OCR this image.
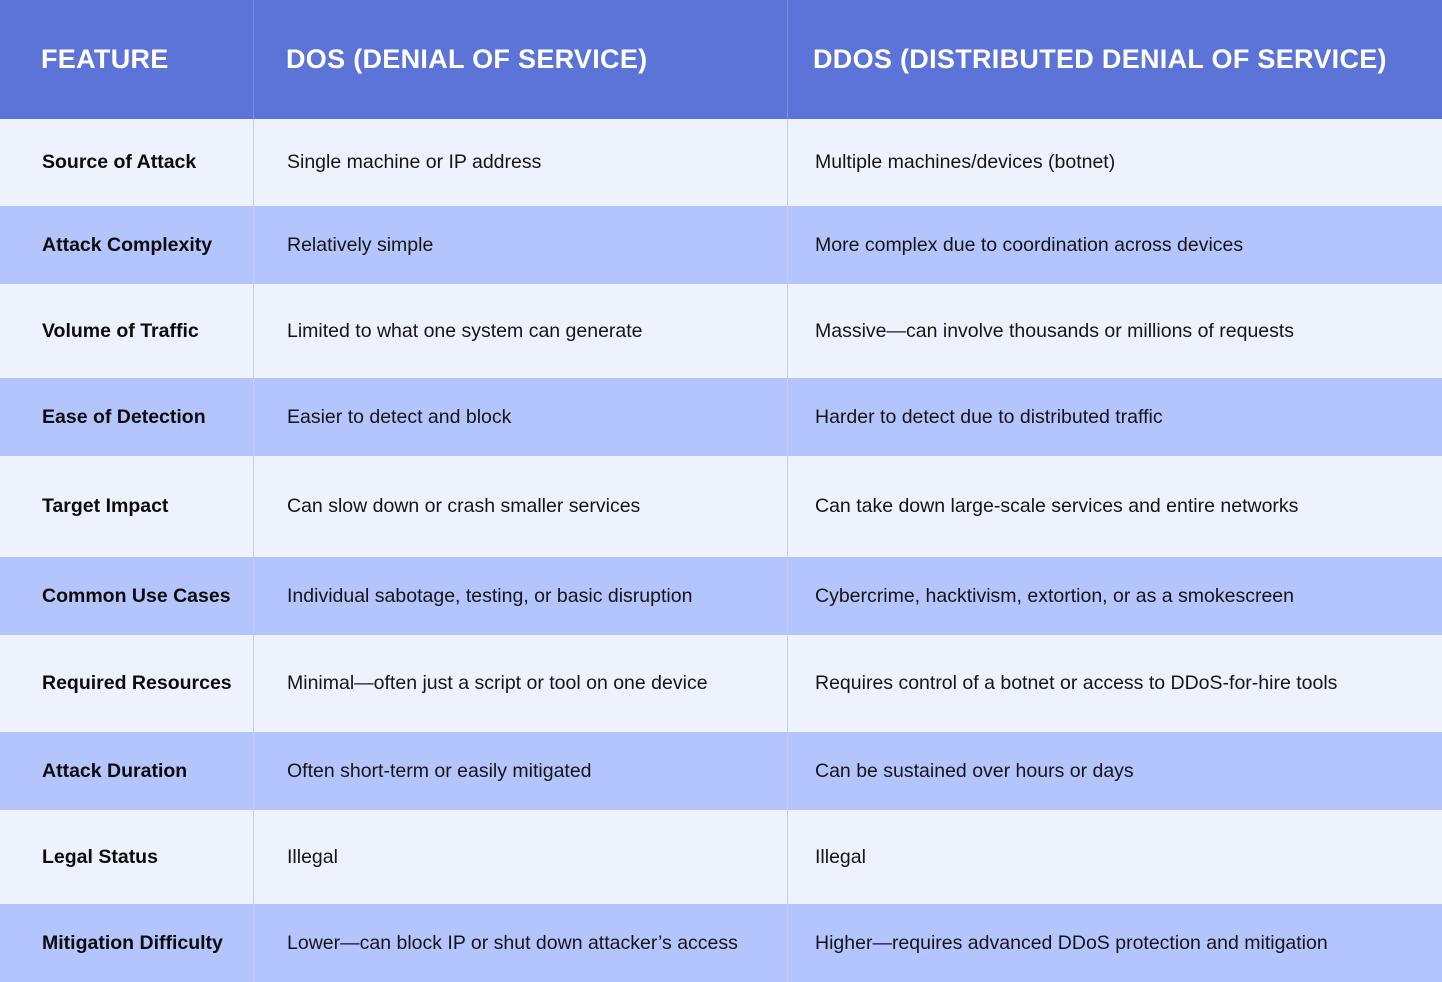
FEATURE	DOS (DENIAL OF SERVICE)	DDOS (DISTRIBUTED DENIAL OF SERVICE)
Source of Attack	Single machine or IP address	Multiple machines/devices (botnet)
Attack Complexity	Relatively simple	More complex due to coordination across devices
Volume of Traffic	Limited to what one system can generate	Massive—can involve thousands or millions of requests
Ease of Detection	Easier to detect and block	Harder to detect due to distributed traffic
Target Impact	Can slow down or crash smaller services	Can take down large-scale services and entire networks
Common Use Cases	Individual sabotage, testing, or basic disruption	Cybercrime, hacktivism, extortion, or as a smokescreen
Required Resources	Minimal—often just a script or tool on one device	Requires control of a botnet or access to DDoS-for-hire tools
Attack Duration	Often short-term or easily mitigated	Can be sustained over hours or days
Legal Status	Illegal	Illegal
Mitigation Difficulty	Lower—can block IP or shut down attacker’s access	Higher—requires advanced DDoS protection and mitigation
